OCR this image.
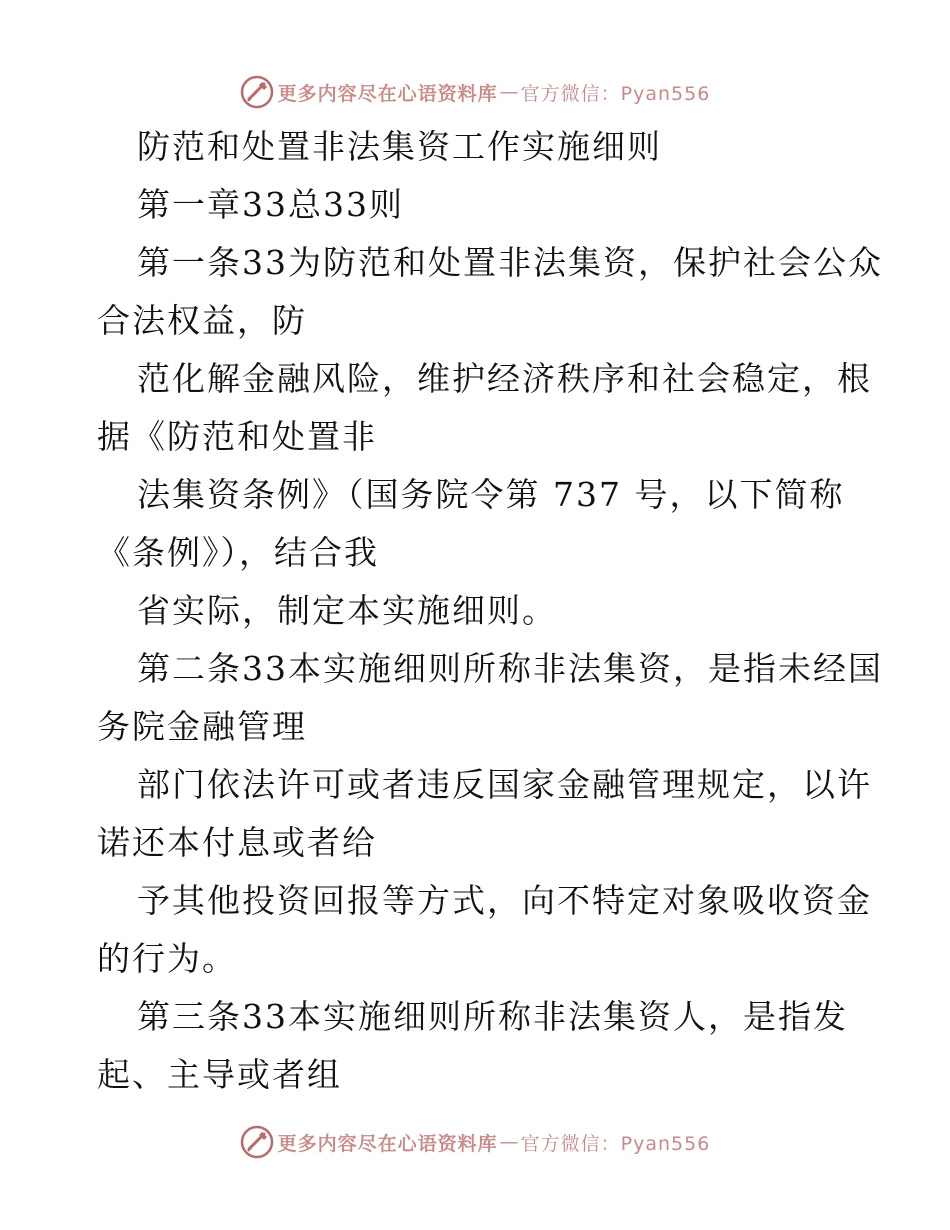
更多内容尽在心语资料库 — 官方微信：Pyan556
防范和处置非法集资工作实施细则
第一章33总33则
第一条33为防范和处置非法集资，保护社会公众
合法权益，防
范化解金融风险，维护经济秩序和社会稳定，根
据《防范和处置非
法集资条例》（国务院令第 737 号，以下简称
《条例》），结合我
省实际，制定本实施细则。
第二条33本实施细则所称非法集资，是指未经国
务院金融管理
部门依法许可或者违反国家金融管理规定，以许
诺还本付息或者给
予其他投资回报等方式，向不特定对象吸收资金
的行为。
第三条33本实施细则所称非法集资人，是指发
起、主导或者组
更多内容尽在心语资料库 — 官方微信：Pyan556
